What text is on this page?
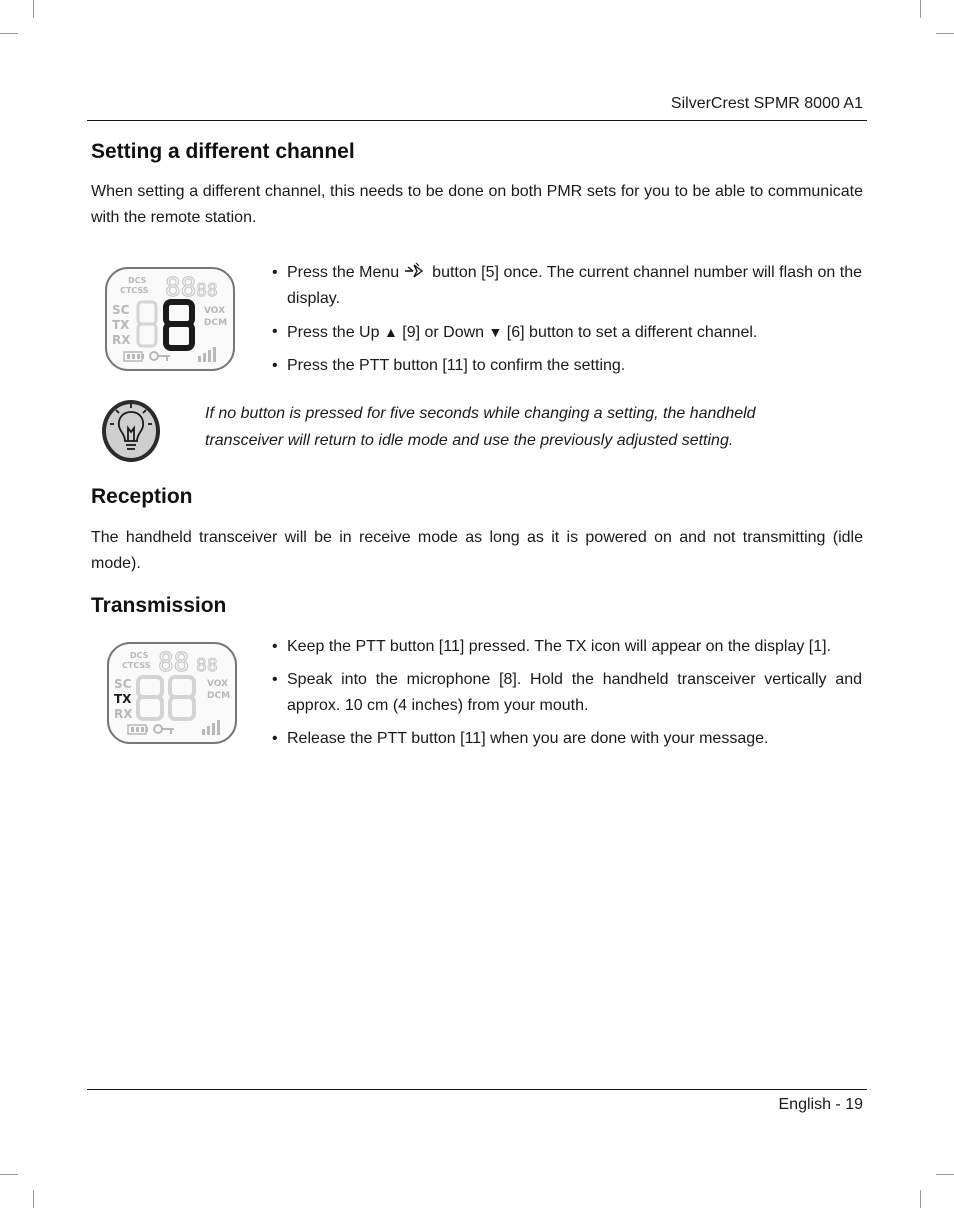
SilverCrest SPMR 8000 A1
Setting a different channel

When setting a different channel, this needs to be done on both PMR sets for you to be able to communicate with the remote station.

DCS
CTCSS 88 88
SC
TX
RX
VOX
DCM
• Press the Menu  button [5] once. The current channel number will flash on the display.
• Press the Up ▲ [9] or Down ▼ [6] button to set a different channel.
• Press the PTT button [11] to confirm the setting.

If no button is pressed for five seconds while changing a setting, the handheld transceiver will return to idle mode and use the previously adjusted setting.

Reception

The handheld transceiver will be in receive mode as long as it is powered on and not transmitting (idle mode).

Transmission
DCS
CTCSS 88 88
SC
TX
RX
VOX
DCM
• Keep the PTT button [11] pressed. The TX icon will appear on the display [1].
• Speak into the microphone [8]. Hold the handheld transceiver vertically and approx. 10 cm (4 inches) from your mouth.
• Release the PTT button [11] when you are done with your message.
English - 19
